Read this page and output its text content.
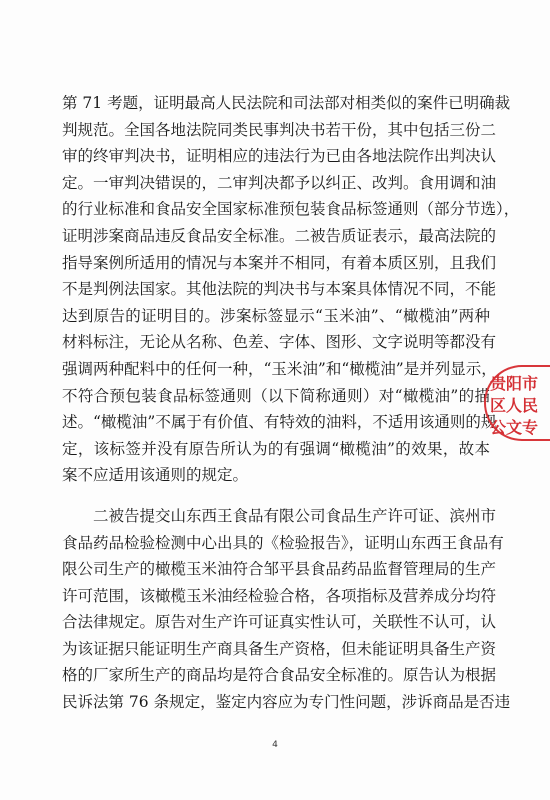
第 71 考题，证明最高人民法院和司法部对相类似的案件已明确裁
判规范。全国各地法院同类民事判决书若干份，其中包括三份二
审的终审判决书，证明相应的违法行为已由各地法院作出判决认
定。一审判决错误的，二审判决都予以纠正、改判。食用调和油
的行业标准和食品安全国家标准预包装食品标签通则（部分节选），
证明涉案商品违反食品安全标准。二被告质证表示，最高法院的
指导案例所适用的情况与本案并不相同，有着本质区别，且我们
不是判例法国家。其他法院的判决书与本案具体情况不同，不能
达到原告的证明目的。涉案标签显示“玉米油”、“橄榄油”两种
材料标注，无论从名称、色差、字体、图形、文字说明等都没有
强调两种配料中的任何一种，“玉米油”和“橄榄油”是并列显示，
不符合预包装食品标签通则（以下简称通则）对“橄榄油”的描
述。“橄榄油”不属于有价值、有特效的油料，不适用该通则的规
定，该标签并没有原告所认为的有强调“橄榄油”的效果，故本
案不应适用该通则的规定。
二被告提交山东西王食品有限公司食品生产许可证、滨州市
食品药品检验检测中心出具的《检验报告》，证明山东西王食品有
限公司生产的橄榄玉米油符合邹平县食品药品监督管理局的生产
许可范围，该橄榄玉米油经检验合格，各项指标及营养成分均符
合法律规定。原告对生产许可证真实性认可，关联性不认可，认
为该证据只能证明生产商具备生产资格，但未能证明具备生产资
格的厂家所生产的商品均是符合食品安全标准的。原告认为根据
民诉法第 76 条规定，鉴定内容应为专门性问题，涉诉商品是否违
4
贵阳市
区人民
公文专
